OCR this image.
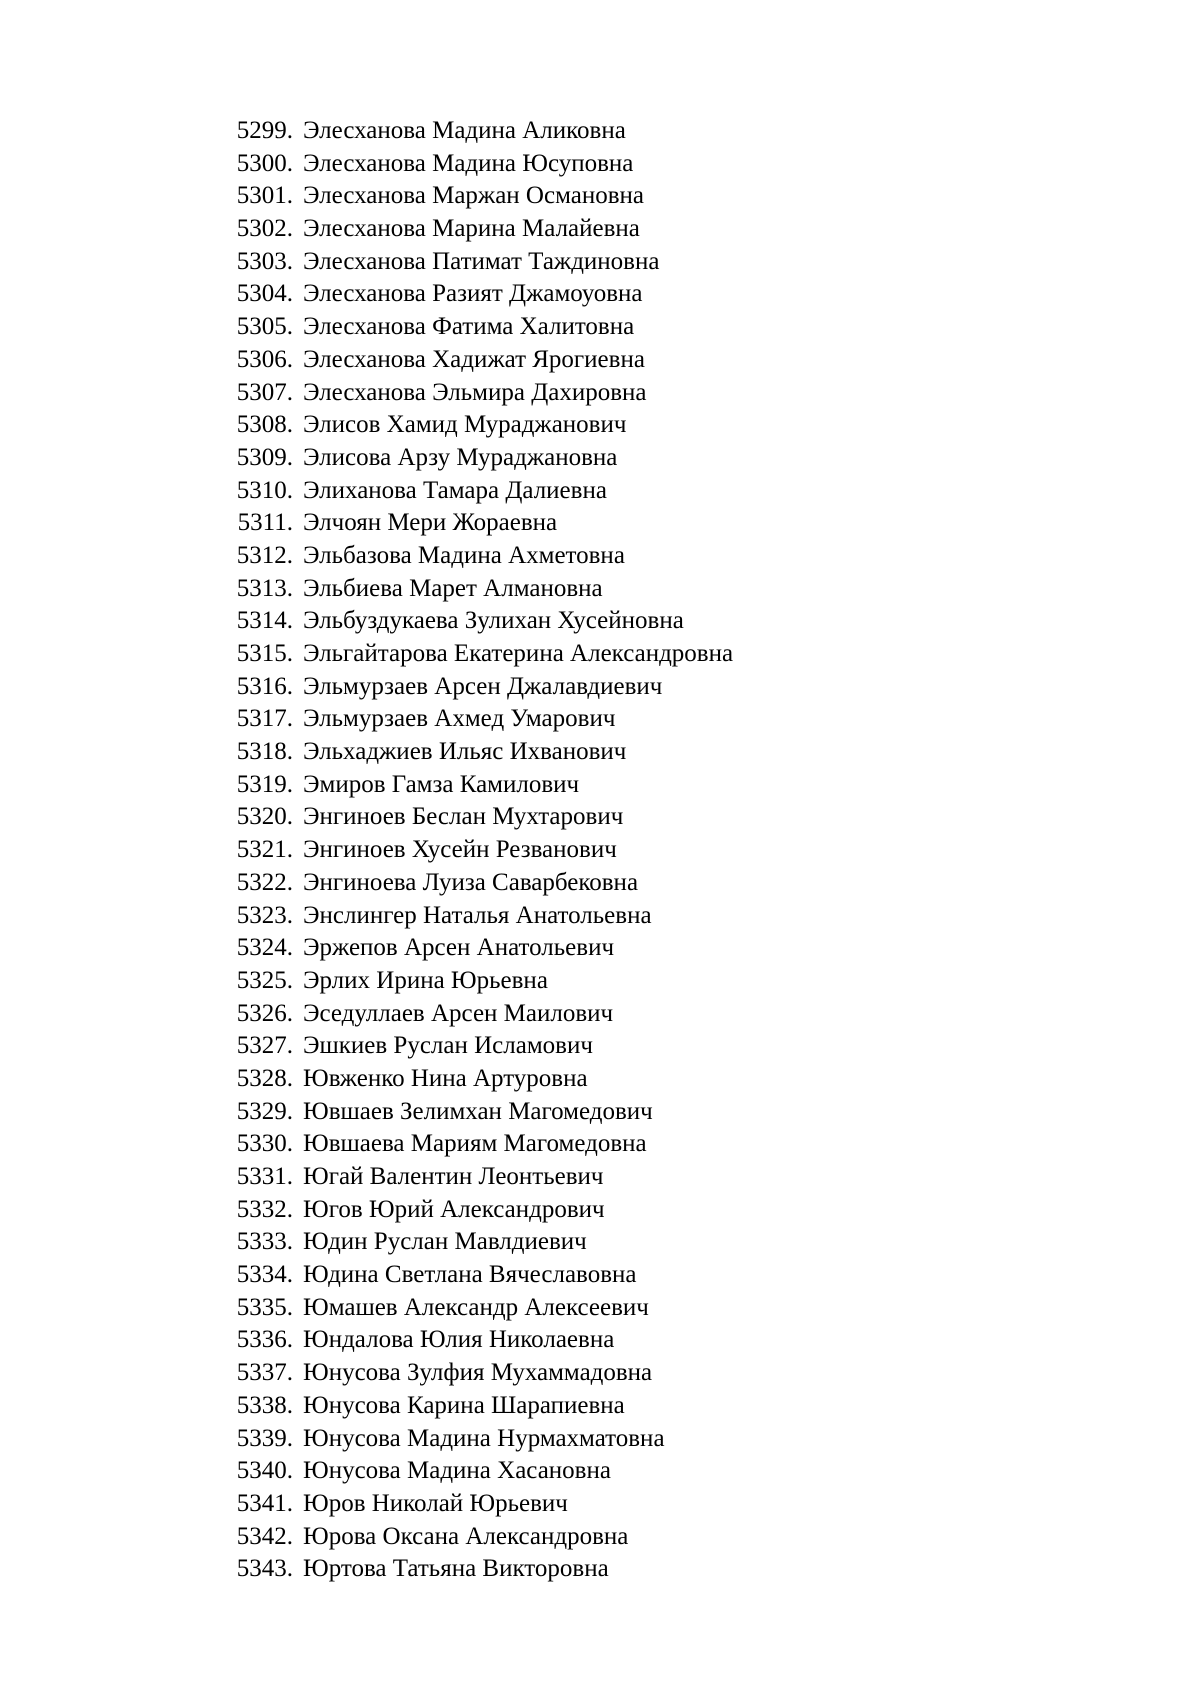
5299. Элесханова Мадина Аликовна
5300. Элесханова Мадина Юсуповна
5301. Элесханова Маржан Османовна
5302. Элесханова Марина Малайевна
5303. Элесханова Патимат Таждиновна
5304. Элесханова Разият Джамоуовна
5305. Элесханова Фатима Халитовна
5306. Элесханова Хадижат Ярогиевна
5307. Элесханова Эльмира Дахировна
5308. Элисов Хамид Мураджанович
5309. Элисова Арзу Мураджановна
5310. Элиханова Тамара Далиевна
5311. Элчоян Мери Жораевна
5312. Эльбазова Мадина Ахметовна
5313. Эльбиева Марет Алмановна
5314. Эльбуздукаева Зулихан Хусейновна
5315. Эльгайтарова Екатерина Александровна
5316. Эльмурзаев Арсен Джалавдиевич
5317. Эльмурзаев Ахмед Умарович
5318. Эльхаджиев Ильяс Ихванович
5319. Эмиров Гамза Камилович
5320. Энгиноев Беслан Мухтарович
5321. Энгиноев Хусейн Резванович
5322. Энгиноева Луиза Саварбековна
5323. Энслингер Наталья Анатольевна
5324. Эржепов Арсен Анатольевич
5325. Эрлих Ирина Юрьевна
5326. Эседуллаев Арсен Маилович
5327. Эшкиев Руслан Исламович
5328. Ювженко Нина Артуровна
5329. Ювшаев Зелимхан Магомедович
5330. Ювшаева Мариям Магомедовна
5331. Югай Валентин Леонтьевич
5332. Югов Юрий Александрович
5333. Юдин Руслан Мавлдиевич
5334. Юдина Светлана Вячеславовна
5335. Юмашев Александр Алексеевич
5336. Юндалова Юлия Николаевна
5337. Юнусова Зулфия Мухаммадовна
5338. Юнусова Карина Шарапиевна
5339. Юнусова Мадина Нурмахматовна
5340. Юнусова Мадина Хасановна
5341. Юров Николай Юрьевич
5342. Юрова Оксана Александровна
5343. Юртова Татьяна Викторовна
